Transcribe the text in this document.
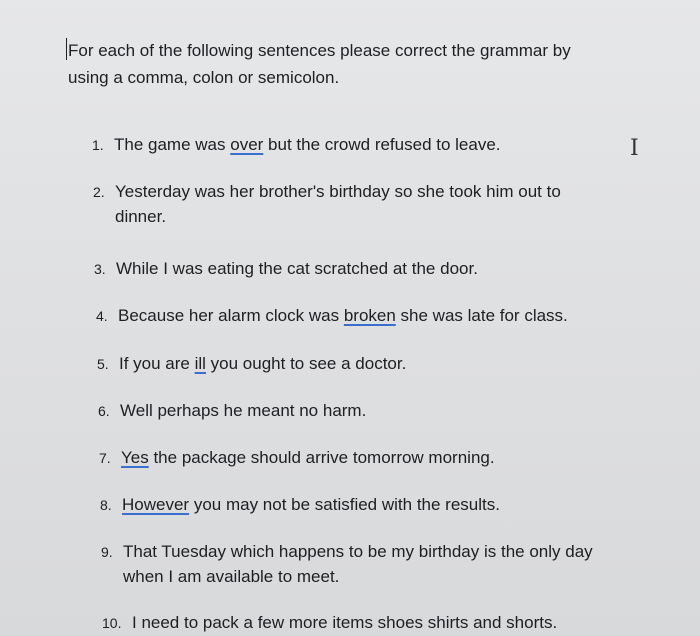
For each of the following sentences please correct the grammar by
using a comma, colon or semicolon.
I
1. The game was over but the crowd refused to leave.
2. Yesterday was her brother's birthday so she took him out to
dinner.
3. While I was eating the cat scratched at the door.
4. Because her alarm clock was broken she was late for class.
5. If you are ill you ought to see a doctor.
6. Well perhaps he meant no harm.
7. Yes the package should arrive tomorrow morning.
8. However you may not be satisfied with the results.
9. That Tuesday which happens to be my birthday is the only day
when I am available to meet.
10. I need to pack a few more items shoes shirts and shorts.
